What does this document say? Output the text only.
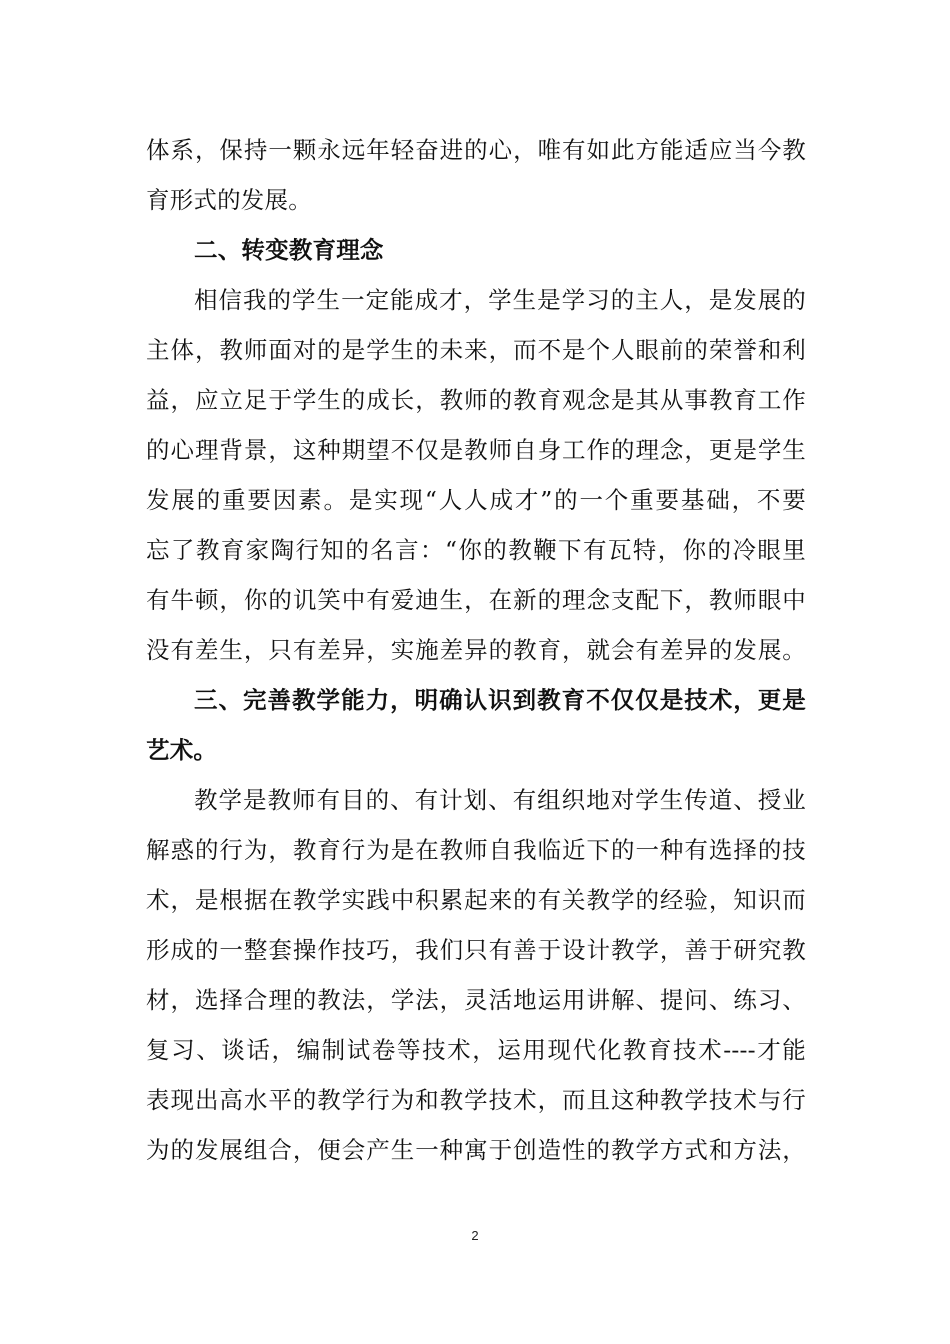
体系，保持一颗永远年轻奋进的心，唯有如此方能适应当今教
育形式的发展。
二、转变教育理念
相信我的学生一定能成才，学生是学习的主人，是发展的
主体，教师面对的是学生的未来，而不是个人眼前的荣誉和利
益，应立足于学生的成长，教师的教育观念是其从事教育工作
的心理背景，这种期望不仅是教师自身工作的理念，更是学生
发展的重要因素。是实现“人人成才”的一个重要基础，不要
忘了教育家陶行知的名言：“你的教鞭下有瓦特，你的冷眼里
有牛顿，你的讥笑中有爱迪生，在新的理念支配下，教师眼中
没有差生，只有差异，实施差异的教育，就会有差异的发展。
三、完善教学能力，明确认识到教育不仅仅是技术，更是
艺术。
教学是教师有目的、有计划、有组织地对学生传道、授业
解惑的行为，教育行为是在教师自我临近下的一种有选择的技
术，是根据在教学实践中积累起来的有关教学的经验，知识而
形成的一整套操作技巧，我们只有善于设计教学，善于研究教
材，选择合理的教法，学法，灵活地运用讲解、提问、练习、
复习、谈话，编制试卷等技术，运用现代化教育技术----才能
表现出高水平的教学行为和教学技术，而且这种教学技术与行
为的发展组合，便会产生一种寓于创造性的教学方式和方法，
2
